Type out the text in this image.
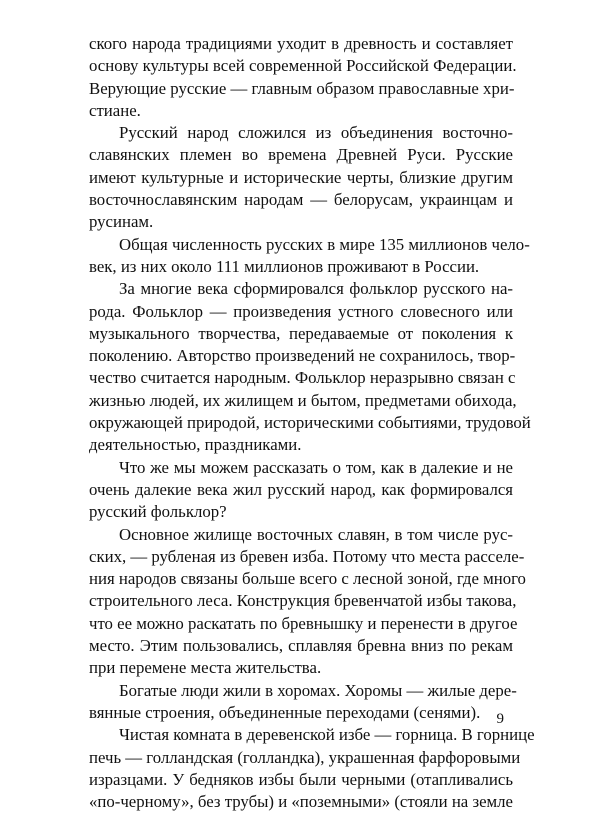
ского народа традициями уходит в древность и составляет
основу культуры всей современной Российской Федерации.
Верующие русские — главным образом православные хри-
стиане.
Русский народ сложился из объединения восточно-
славянских племен во времена Древней Руси. Русские
имеют культурные и исторические черты, близкие другим
восточнославянским народам — белорусам, украинцам и
русинам.
Общая численность русских в мире 135 миллионов чело-
век, из них около 111 миллионов проживают в России.
За многие века сформировался фольклор русского на-
рода. Фольклор — произведения устного словесного или
музыкального творчества, передаваемые от поколения к
поколению. Авторство произведений не сохранилось, твор-
чество считается народным. Фольклор неразрывно связан с
жизнью людей, их жилищем и бытом, предметами обихода,
окружающей природой, историческими событиями, трудовой
деятельностью, праздниками.
Что же мы можем рассказать о том, как в далекие и не
очень далекие века жил русский народ, как формировался
русский фольклор?
Основное жилище восточных славян, в том числе рус-
ских, — рубленая из бревен изба. Потому что места расселе-
ния народов связаны больше всего с лесной зоной, где много
строительного леса. Конструкция бревенчатой избы такова,
что ее можно раскатать по бревнышку и перенести в другое
место. Этим пользовались, сплавляя бревна вниз по рекам
при перемене места жительства.
Богатые люди жили в хоромах. Хоромы — жилые дере-
вянные строения, объединенные переходами (сенями).
Чистая комната в деревенской избе — горница. В горнице
печь — голландская (голландка), украшенная фарфоровыми
изразцами. У бедняков избы были черными (отапливались
«по-черному», без трубы) и «поземными» (стояли на земле
9
